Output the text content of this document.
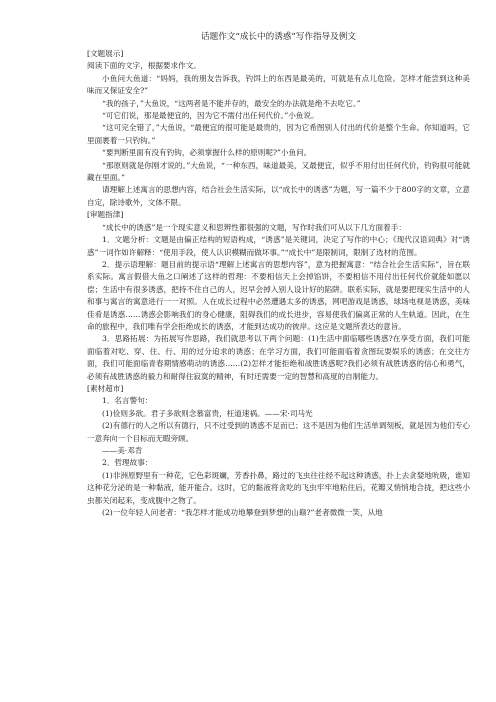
话题作文“成长中的诱惑”写作指导及例文

[文题展示]

阅读下面的文字，根据要求作文。

小鱼问大鱼道：“妈妈，我的朋友告诉我，钓饵上的东西是最美的，可就是有点儿危险。怎样才能尝到这种美味而又保证安全?”

“我的孩子，”大鱼说，“这两者是不能并存的，最安全的办法就是绝不去吃它。”

“可它们说，那是最便宜的，因为它不需付出任何代价。”小鱼说。

“这可完全错了，”大鱼说，“最便宜的很可能是最贵的，因为它希图别人付出的代价是整个生命。你知道吗，它里面裹着一只钓钩。”

“要判断里面有没有钓钩，必须掌握什么样的原则呢?”小鱼问。

“那原则就是你刚才说的。”大鱼说，“一种东西，味道最美，又最便宜，似乎不用付出任何代价，钓钩很可能就藏在里面。”

请理解上述寓言的思想内容，结合社会生活实际，以“成长中的诱惑”为题，写一篇不少于800字的文章，立意自定，除诗歌外，文体不限。

[审题指津]

“成长中的诱惑”是一个现实意义和思辨性都很强的文题，写作时我们可从以下几方面着手：

1．文题分析：文题是由偏正结构的短语构成，“诱惑”是关键词，决定了写作的中心；《现代汉语词典》对“诱惑”一词作如许解释：“使用手段，使人认识模糊而做坏事。”“成长中”是限制词，限制了选材的范围。

2．提示语理解：题目前的提示语“理解上述寓言的思想内容”，意为把握寓意：“结合社会生活实际”，旨在联系实际。寓言假借大鱼之口阐述了这样的哲理：不要相信天上会掉馅饼，不要相信不用付出任何代价就能如愿以偿；生活中有很多诱惑，把持不住自己的人，迟早会掉入别人设计好的陷阱。联系实际，就是要把现实生活中的人和事与寓言的寓意进行一一对照。人在成长过程中必然遭遇太多的诱惑，网吧游戏是诱惑，球场电视是诱惑，美味佳肴是诱惑……诱惑会影响我们的身心健康，阻碍我们的成长进步，容易使我们偏离正常的人生轨道。因此，在生命的旅程中，我们唯有学会拒绝成长的诱惑，才能到达成功的彼岸。这应是文题所表达的意旨。

3．思路拓展：为拓展写作思路，我们就思考以下两个问题：(1)生活中面临哪些诱惑?在享受方面，我们可能面临着对吃、穿、住、行、用的过分追求的诱惑；在学习方面，我们可能面临着贪图玩耍娱乐的诱惑；在交往方面，我们可能面临青春期情感萌动的诱惑……(2)怎样才能拒绝和战胜诱惑呢?我们必须有战胜诱惑的信心和勇气，必须有战胜诱惑的毅力和耐得住寂寞的精神，有时还需要一定的智慧和高度的自制能力。

[素材超市]

1．名言警句：

(1)俭则多欲。君子多欲则念慕富贵，枉道速祸。——宋·司马光

(2)有德行的人之所以有德行，只不过受到的诱惑不足而已；这不是因为他们生活单调刻板，就是因为他们专心一意奔向一个目标而无暇旁顾。

——美·邓肯

2．哲理故事：

(1)非洲原野里有一种花，它色彩斑斓，芳香扑鼻，路过的飞虫往往经不起这种诱惑，扑上去贪婪地吮吸，谁知这种花分泌的是一种黏液，能开能合。这时，它的黏液将贪吃的飞虫牢牢地粘住后，花瓣又悄悄地合拢，把这些小虫都关闭起来，变成腹中之物了。

(2)一位年轻人问老者：“我怎样才能成功地攀登到梦想的山巅?”老者微微一笑，从地
